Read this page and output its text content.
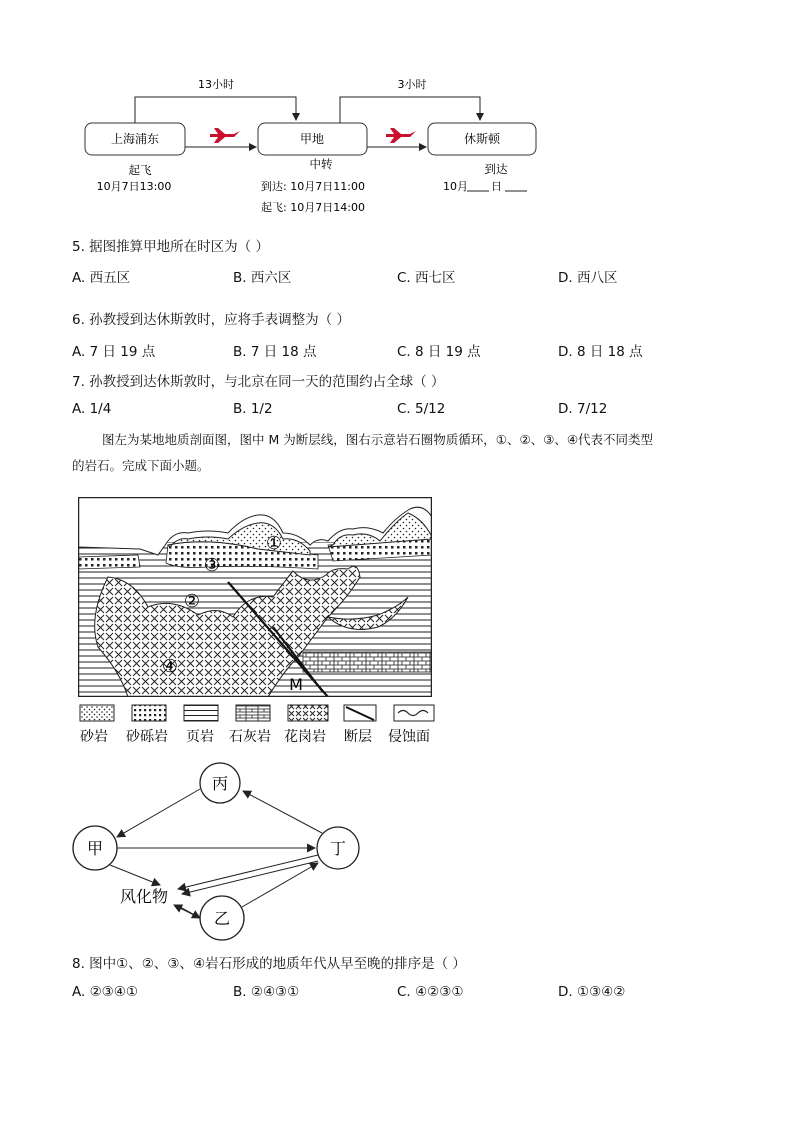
13小时	3小时
上海浦东	甲地	休斯顿
起飞
10月7日13:00
中转
到达: 10月7日11:00
起飞: 10月7日14:00
到达
10月 日
5. 据图推算甲地所在时区为（ ）
A. 西五区	B. 西六区	C. 西七区	D. 西八区
6. 孙教授到达休斯敦时，应将手表调整为（ ）
A. 7 日 19 点	B. 7 日 18 点	C. 8 日 19 点	D. 8 日 18 点
7. 孙教授到达休斯敦时，与北京在同一天的范围约占全球（ ）
A. 1/4	B. 1/2	C. 5/12	D. 7/12
图左为某地地质剖面图，图中 M 为断层线，图右示意岩石圈物质循环，①、②、③、④代表不同类型
的岩石。完成下面小题。
①
③
②
④
M
砂岩 砂砾岩 页岩 石灰岩 花岗岩 断层 侵蚀面
丙
甲	丁
乙
风化物
8. 图中①、②、③、④岩石形成的地质年代从早至晚的排序是（ ）
A. ②③④①	B. ②④③①	C. ④②③①	D. ①③④②
